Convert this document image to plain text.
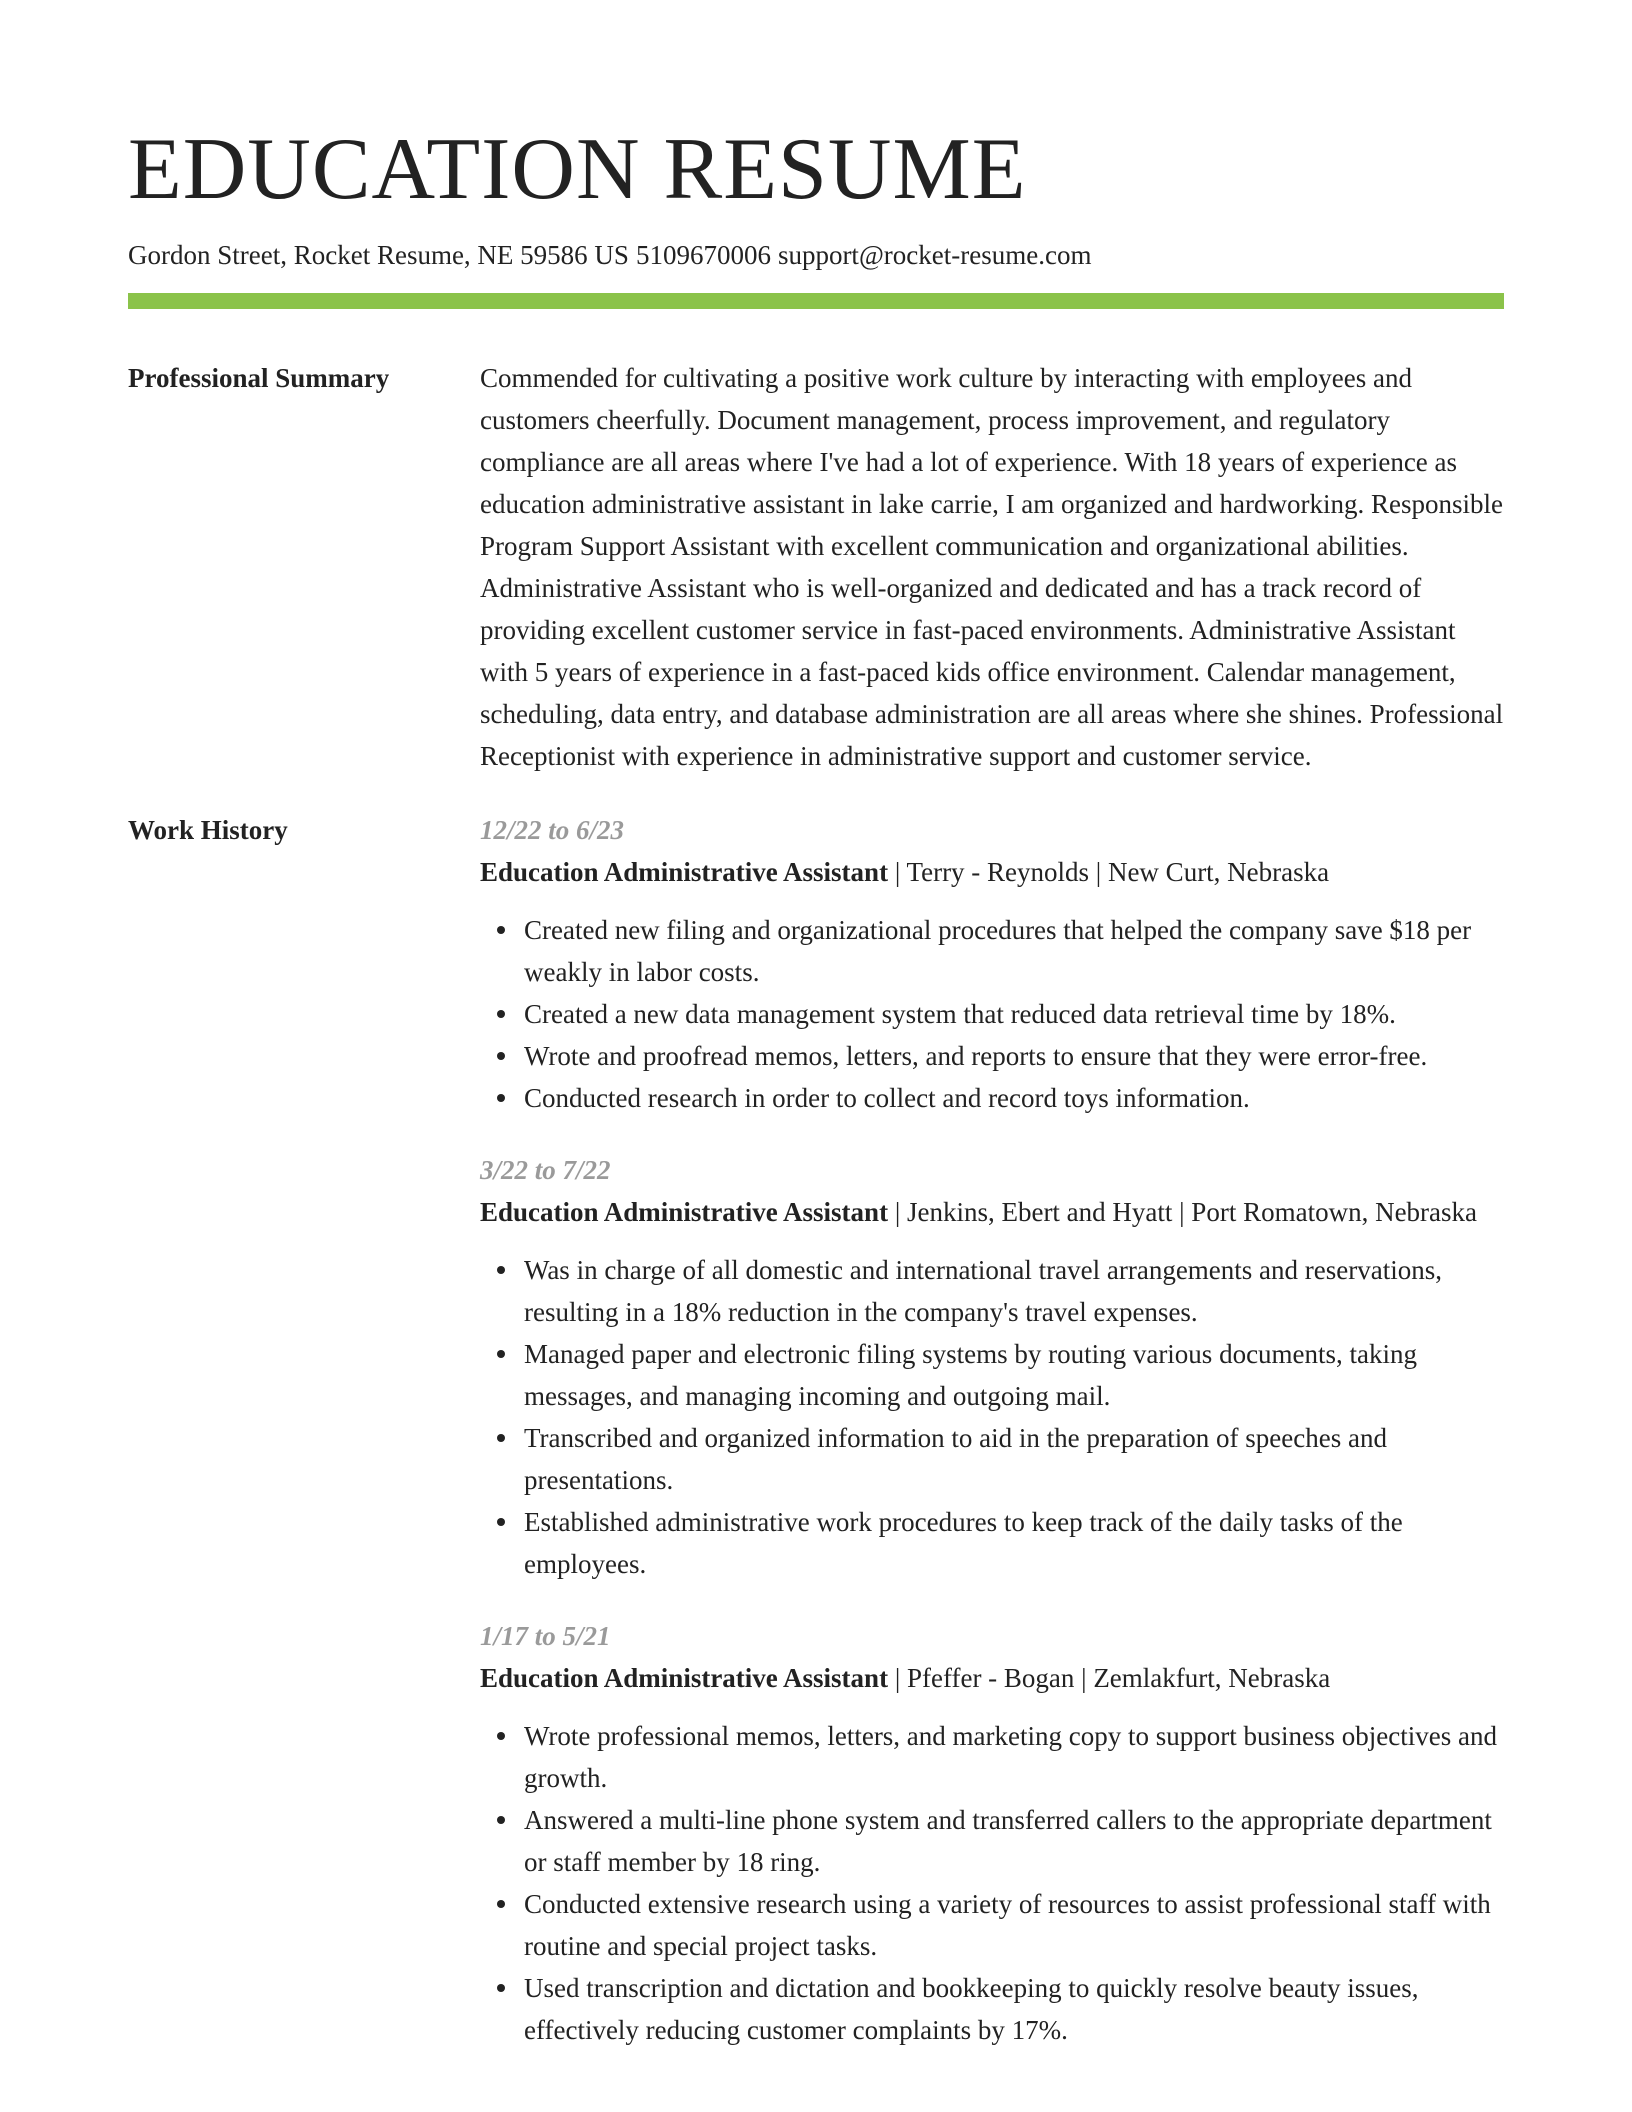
EDUCATION RESUME
Gordon Street, Rocket Resume, NE 59586 US 5109670006 support@rocket-resume.com
Professional Summary	Commended for cultivating a positive work culture by interacting with employees and customers cheerfully. Document management, process improvement, and regulatory compliance are all areas where I've had a lot of experience. With 18 years of experience as education administrative assistant in lake carrie, I am organized and hardworking. Responsible Program Support Assistant with excellent communication and organizational abilities. Administrative Assistant who is well-organized and dedicated and has a track record of providing excellent customer service in fast-paced environments. Administrative Assistant with 5 years of experience in a fast-paced kids office environment. Calendar management, scheduling, data entry, and database administration are all areas where she shines. Professional Receptionist with experience in administrative support and customer service.

Work History	12/22 to 6/23
Education Administrative Assistant | Terry - Reynolds | New Curt, Nebraska
Created new filing and organizational procedures that helped the company save $18 per weakly in labor costs.
Created a new data management system that reduced data retrieval time by 18%.
Wrote and proofread memos, letters, and reports to ensure that they were error-free.
Conducted research in order to collect and record toys information.
3/22 to 7/22
Education Administrative Assistant | Jenkins, Ebert and Hyatt | Port Romatown, Nebraska
Was in charge of all domestic and international travel arrangements and reservations, resulting in a 18% reduction in the company's travel expenses.
Managed paper and electronic filing systems by routing various documents, taking messages, and managing incoming and outgoing mail.
Transcribed and organized information to aid in the preparation of speeches and presentations.
Established administrative work procedures to keep track of the daily tasks of the employees.
1/17 to 5/21
Education Administrative Assistant | Pfeffer - Bogan | Zemlakfurt, Nebraska
Wrote professional memos, letters, and marketing copy to support business objectives and growth.
Answered a multi-line phone system and transferred callers to the appropriate department or staff member by 18 ring.
Conducted extensive research using a variety of resources to assist professional staff with routine and special project tasks.
Used transcription and dictation and bookkeeping to quickly resolve beauty issues, effectively reducing customer complaints by 17%.
